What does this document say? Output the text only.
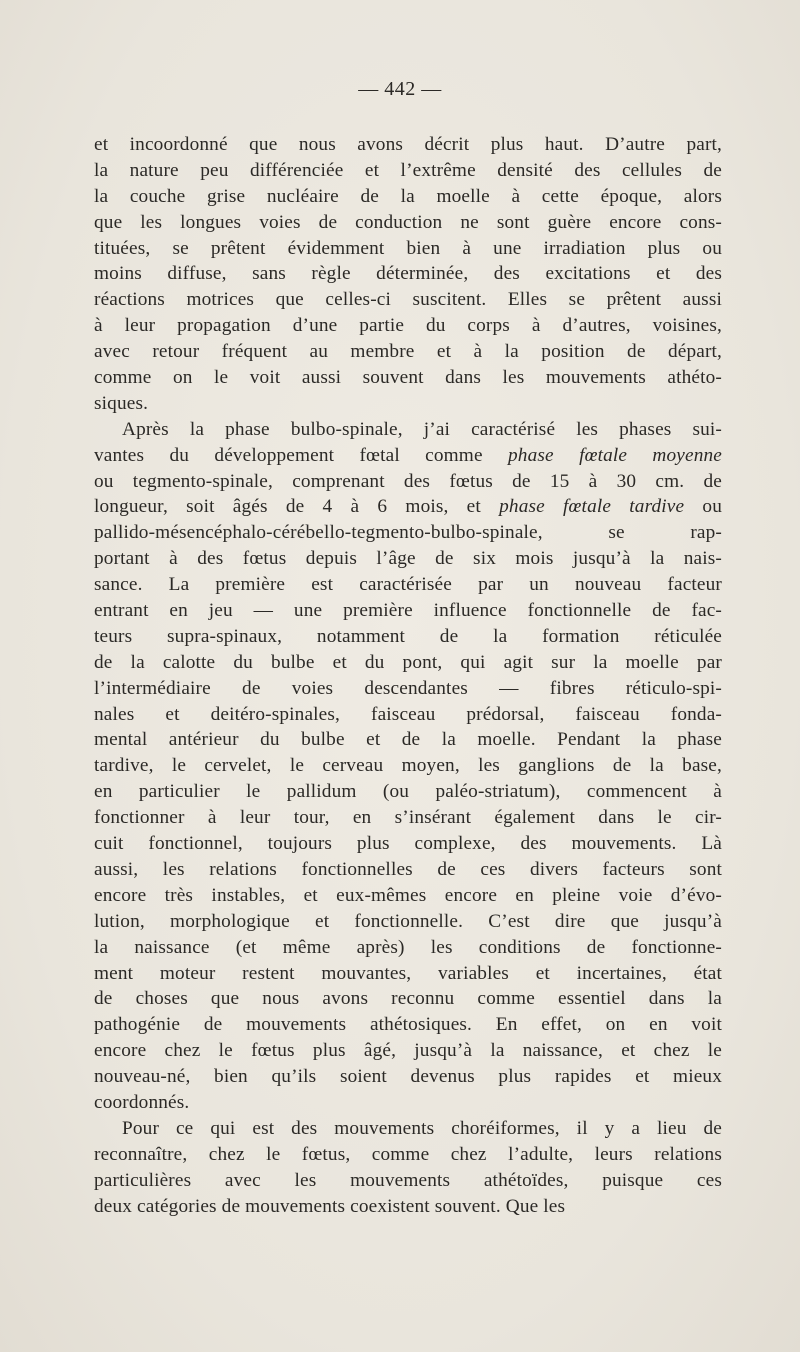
— 442 —
et incoordonné que nous avons décrit plus haut. D’autre part,
la nature peu différenciée et l’extrême densité des cellules de
la couche grise nucléaire de la moelle à cette époque, alors
que les longues voies de conduction ne sont guère encore cons-
tituées, se prêtent évidemment bien à une irradiation plus ou
moins diffuse, sans règle déterminée, des excitations et des
réactions motrices que celles-ci suscitent. Elles se prêtent aussi
à leur propagation d’une partie du corps à d’autres, voisines,
avec retour fréquent au membre et à la position de départ,
comme on le voit aussi souvent dans les mouvements athéto-
siques.
Après la phase bulbo-spinale, j’ai caractérisé les phases sui-
vantes du développement fœtal comme phase fœtale moyenne
ou tegmento-spinale, comprenant des fœtus de 15 à 30 cm. de
longueur, soit âgés de 4 à 6 mois, et phase fœtale tardive ou
pallido-mésencéphalo-cérébello-tegmento-bulbo-spinale, se rap-
portant à des fœtus depuis l’âge de six mois jusqu’à la nais-
sance. La première est caractérisée par un nouveau facteur
entrant en jeu — une première influence fonctionnelle de fac-
teurs supra-spinaux, notamment de la formation réticulée
de la calotte du bulbe et du pont, qui agit sur la moelle par
l’intermédiaire de voies descendantes — fibres réticulo-spi-
nales et deitéro-spinales, faisceau prédorsal, faisceau fonda-
mental antérieur du bulbe et de la moelle. Pendant la phase
tardive, le cervelet, le cerveau moyen, les ganglions de la base,
en particulier le pallidum (ou paléo-striatum), commencent à
fonctionner à leur tour, en s’insérant également dans le cir-
cuit fonctionnel, toujours plus complexe, des mouvements. Là
aussi, les relations fonctionnelles de ces divers facteurs sont
encore très instables, et eux-mêmes encore en pleine voie d’évo-
lution, morphologique et fonctionnelle. C’est dire que jusqu’à
la naissance (et même après) les conditions de fonctionne-
ment moteur restent mouvantes, variables et incertaines, état
de choses que nous avons reconnu comme essentiel dans la
pathogénie de mouvements athétosiques. En effet, on en voit
encore chez le fœtus plus âgé, jusqu’à la naissance, et chez le
nouveau-né, bien qu’ils soient devenus plus rapides et mieux
coordonnés.
Pour ce qui est des mouvements choréiformes, il y a lieu de
reconnaître, chez le fœtus, comme chez l’adulte, leurs relations
particulières avec les mouvements athétoïdes, puisque ces
deux catégories de mouvements coexistent souvent. Que les
